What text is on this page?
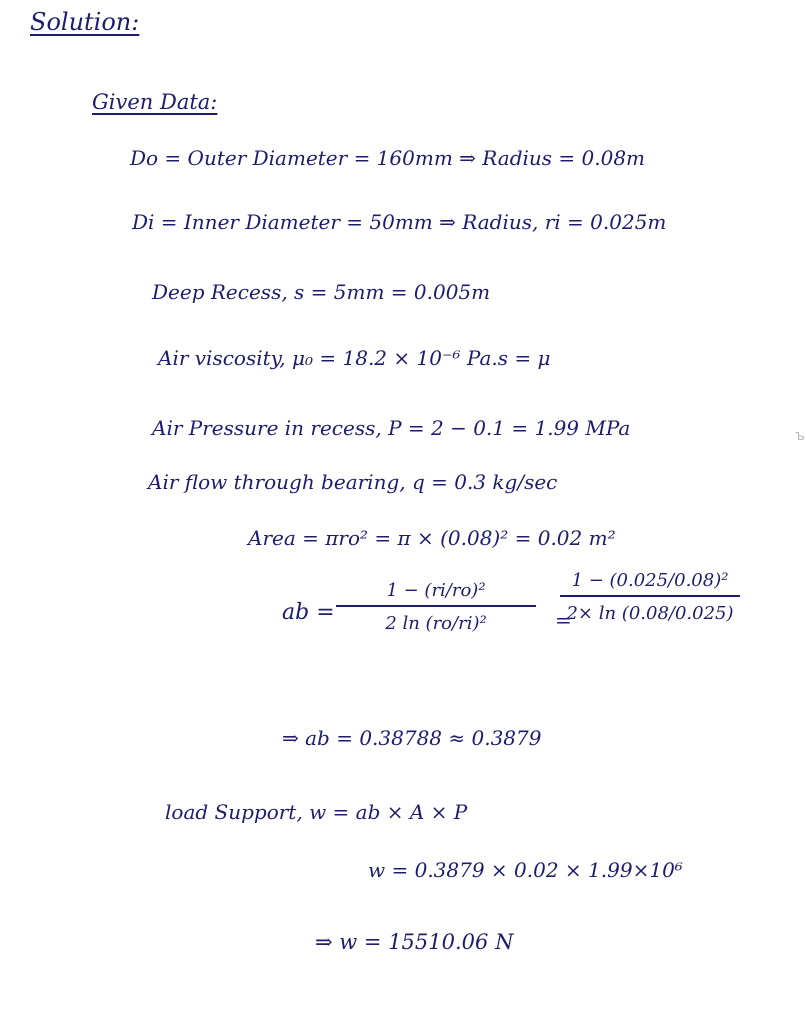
Solution:
Given Data:
Do = Outer Diameter = 160mm ⇒ Radius = 0.08m
Di = Inner Diameter = 50mm ⇒ Radius, ri = 0.025m
Deep Recess, s = 5mm = 0.005m
Air viscosity, μ₀ = 18.2 × 10⁻⁶ Pa.s = μ
Air Pressure in recess, P = 2 − 0.1 = 1.99 MPa
Air flow through bearing, q = 0.3 kg/sec
Area = πro² = π × (0.08)² = 0.02 m²
ab =
1 − (ri/ro)²
2 ln (ro/ri)²	=
1 − (0.025/0.08)²
2× ln (0.08/0.025)
⇒ ab = 0.38788 ≈ 0.3879
load Support, w = ab × A × P
w = 0.3879 × 0.02 × 1.99×10⁶
⇒ w = 15510.06 N
ъ
